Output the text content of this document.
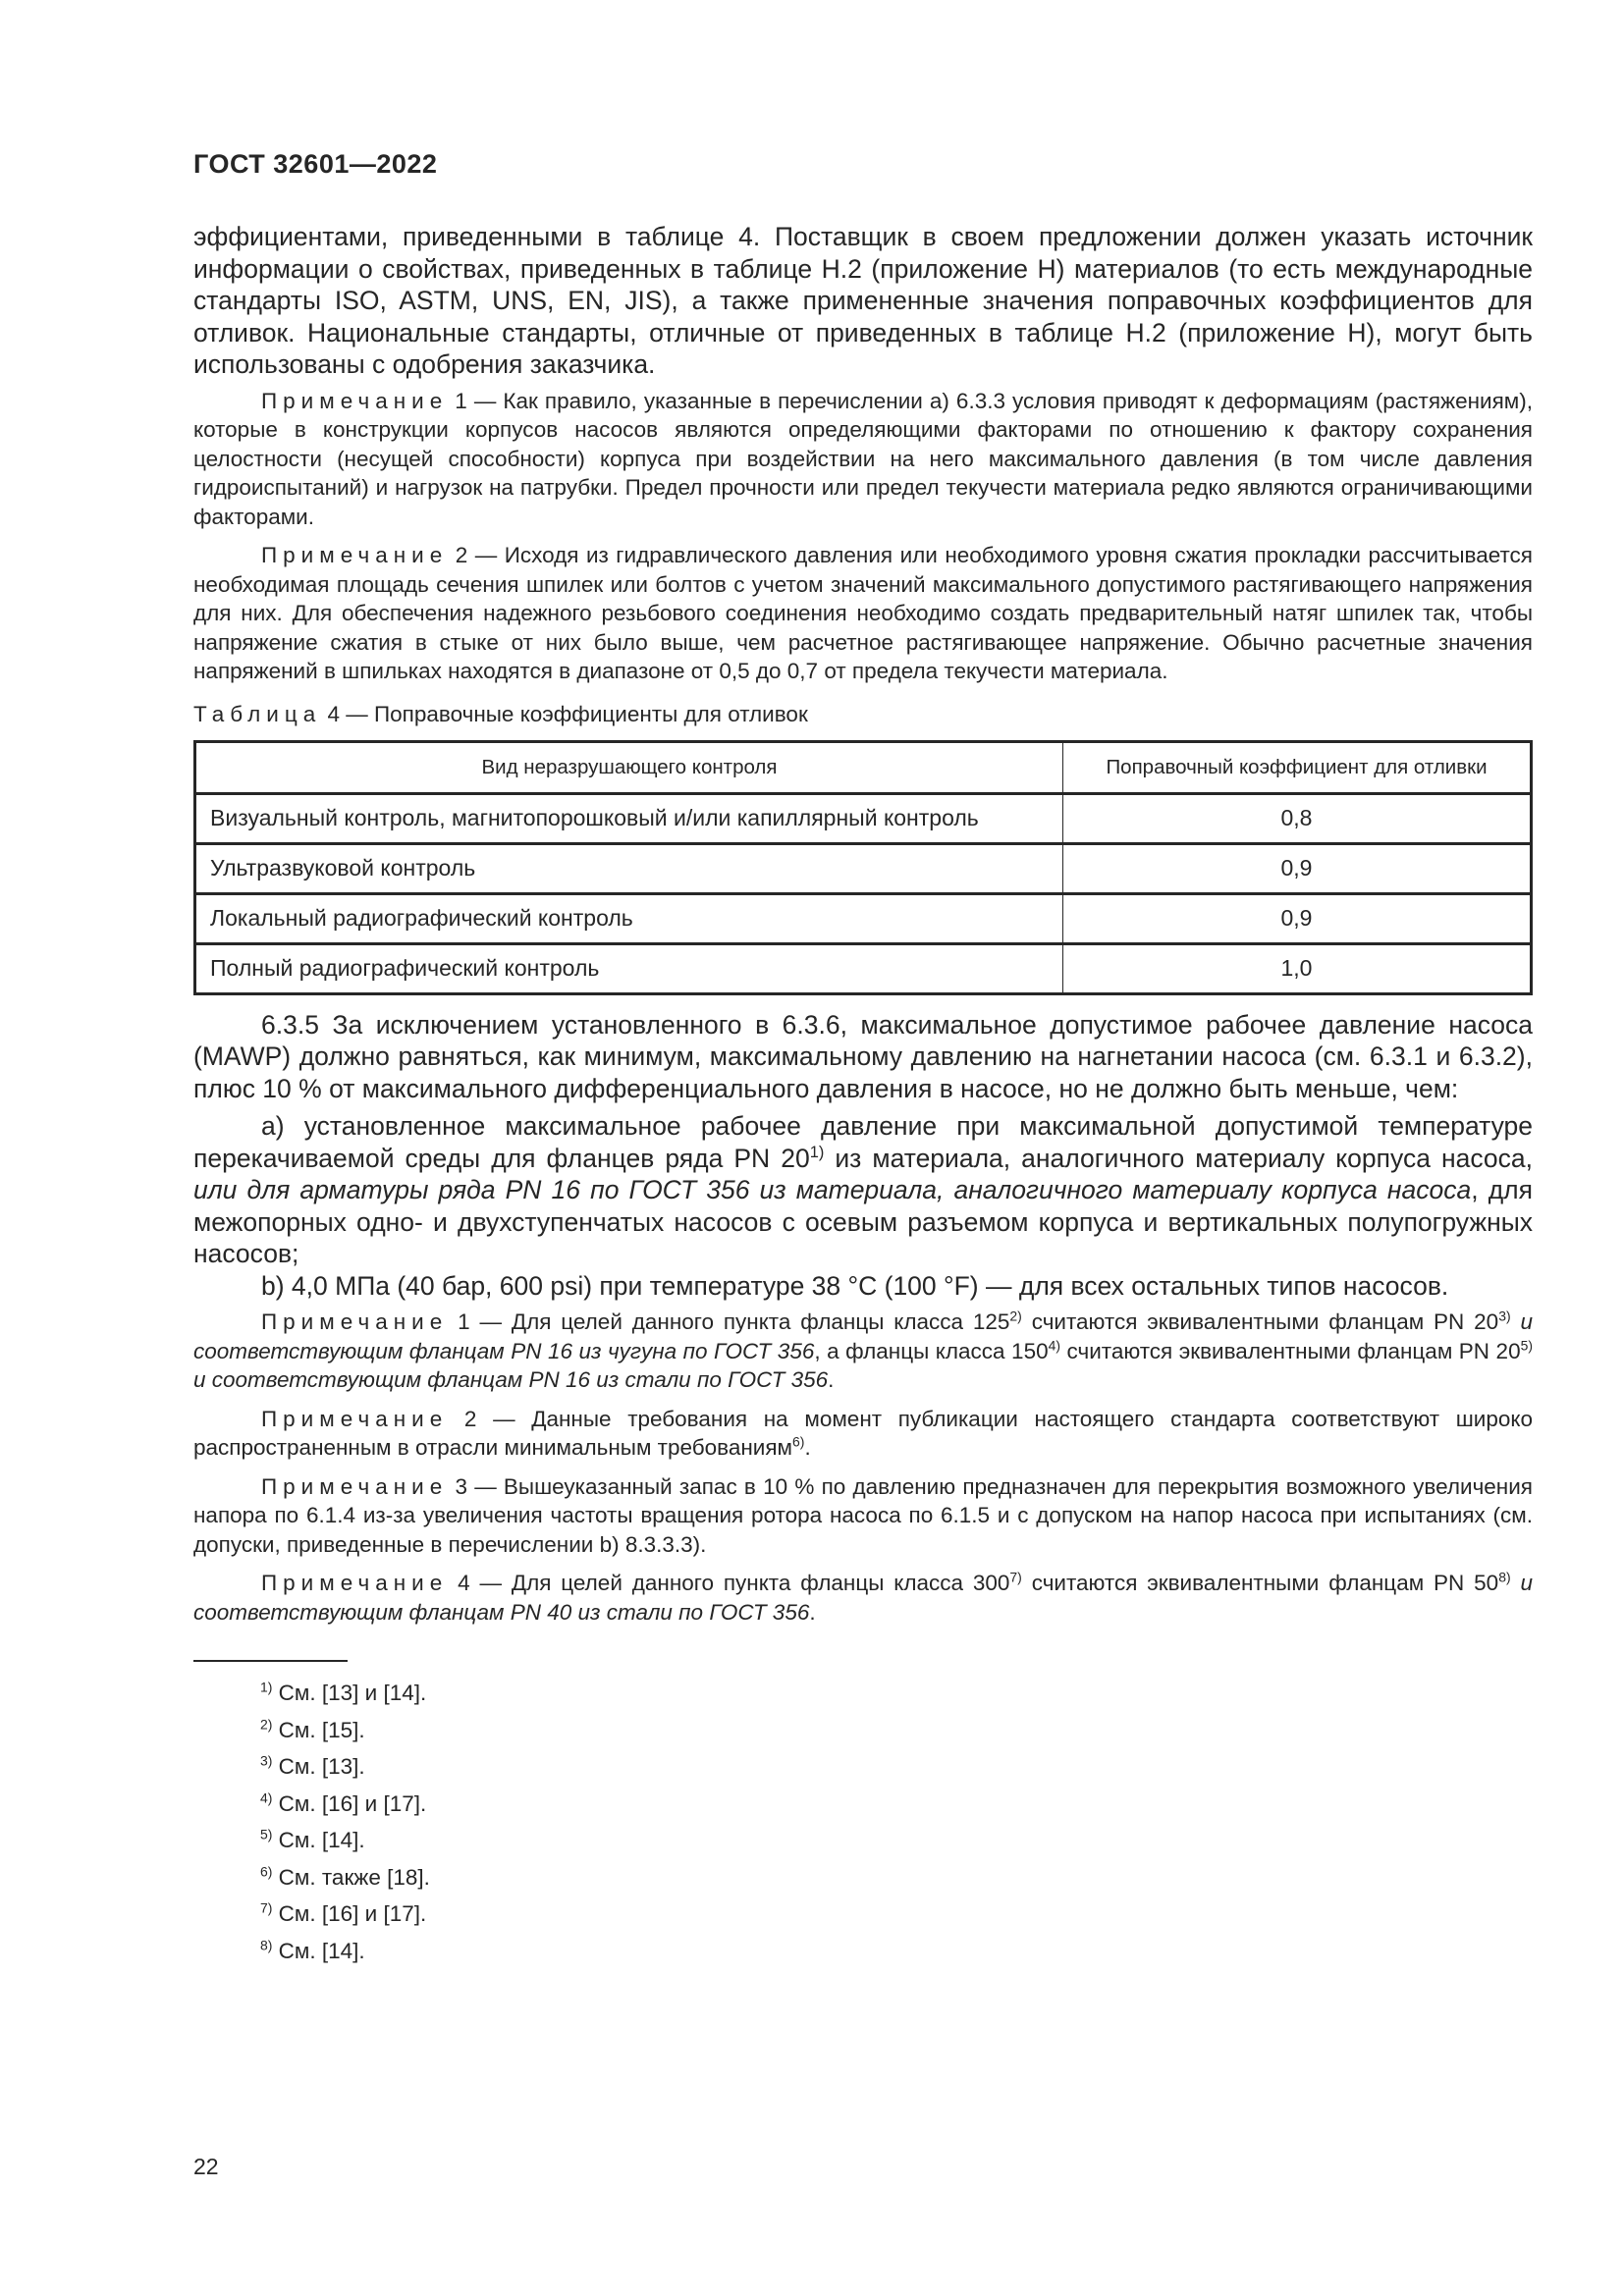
ГОСТ 32601—2022

эффициентами, приведенными в таблице 4. Поставщик в своем предложении должен указать источник информации о свойствах, приведенных в таблице Н.2 (приложение Н) материалов (то есть международные стандарты ISO, ASTM, UNS, EN, JIS), а также примененные значения поправочных коэффициентов для отливок. Национальные стандарты, отличные от приведенных в таблице Н.2 (приложение Н), могут быть использованы с одобрения заказчика.

Примечание 1 — Как правило, указанные в перечислении а) 6.3.3 условия приводят к деформациям (растяжениям), которые в конструкции корпусов насосов являются определяющими факторами по отношению к фактору сохранения целостности (несущей способности) корпуса при воздействии на него максимального давления (в том числе давления гидроиспытаний) и нагрузок на патрубки. Предел прочности или предел текучести материала редко являются ограничивающими факторами.

Примечание 2 — Исходя из гидравлического давления или необходимого уровня сжатия прокладки рассчитывается необходимая площадь сечения шпилек или болтов с учетом значений максимального допустимого растягивающего напряжения для них. Для обеспечения надежного резьбового соединения необходимо создать предварительный натяг шпилек так, чтобы напряжение сжатия в стыке от них было выше, чем расчетное растягивающее напряжение. Обычно расчетные значения напряжений в шпильках находятся в диапазоне от 0,5 до 0,7 от предела текучести материала.

Таблица 4 — Поправочные коэффициенты для отливок

Вид неразрушающего контроля	Поправочный коэффициент для отливки
Визуальный контроль, магнитопорошковый и/или капиллярный контроль	0,8
Ультразвуковой контроль	0,9
Локальный радиографический контроль	0,9
Полный радиографический контроль	1,0

6.3.5 За исключением установленного в 6.3.6, максимальное допустимое рабочее давление насоса (MAWP) должно равняться, как минимум, максимальному давлению на нагнетании насоса (см. 6.3.1 и 6.3.2), плюс 10 % от максимального дифференциального давления в насосе, но не должно быть меньше, чем:

а) установленное максимальное рабочее давление при максимальной допустимой температуре перекачиваемой среды для фланцев ряда PN 20$^{1)}$ из материала, аналогичного материалу корпуса насоса, или для арматуры ряда PN 16 по ГОСТ 356 из материала, аналогичного материалу корпуса насоса, для межопорных одно- и двухступенчатых насосов с осевым разъемом корпуса и вертикальных полупогружных насосов;

b) 4,0 МПа (40 бар, 600 psi) при температуре 38 °С (100 °F) — для всех остальных типов насосов.

Примечание 1 — Для целей данного пункта фланцы класса 125$^{2)}$ считаются эквивалентными фланцам PN 20$^{3)}$ и соответствующим фланцам PN 16 из чугуна по ГОСТ 356, а фланцы класса 150$^{4)}$ считаются эквивалентными фланцам PN 20$^{5)}$ и соответствующим фланцам PN 16 из стали по ГОСТ 356.

Примечание 2 — Данные требования на момент публикации настоящего стандарта соответствуют широко распространенным в отрасли минимальным требованиям$^{6)}$.

Примечание 3 — Вышеуказанный запас в 10 % по давлению предназначен для перекрытия возможного увеличения напора по 6.1.4 из-за увеличения частоты вращения ротора насоса по 6.1.5 и с допуском на напор насоса при испытаниях (см. допуски, приведенные в перечислении b) 8.3.3.3).

Примечание 4 — Для целей данного пункта фланцы класса 300$^{7)}$ считаются эквивалентными фланцам PN 50$^{8)}$ и соответствующим фланцам PN 40 из стали по ГОСТ 356.

$^{1)}$ См. [13] и [14].
$^{2)}$ См. [15].
$^{3)}$ См. [13].
$^{4)}$ См. [16] и [17].
$^{5)}$ См. [14].
$^{6)}$ См. также [18].
$^{7)}$ См. [16] и [17].
$^{8)}$ См. [14].
22
